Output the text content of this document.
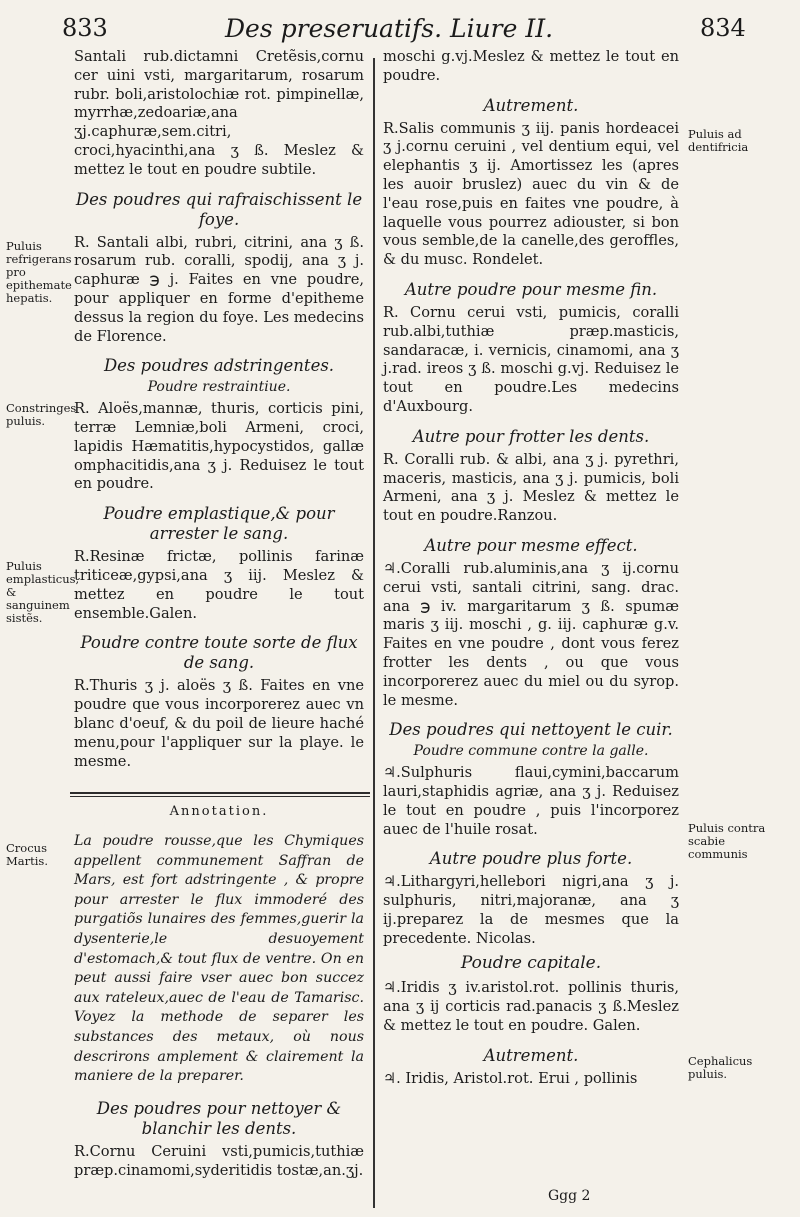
833	Des preseruatifs. Liure II.	834

Santali rub.dictamni Cretẽsis,cornu cer uini vsti, margaritarum, rosarum rubr. boli,aristolochiæ rot. pimpinellæ, myrrhæ,zedoariæ,ana ʒj.caphuræ,sem.citri, croci,hyacinthi,ana ʒ ß. Meslez & mettez le tout en poudre subtile.

Des poudres qui rafraischissent le foye.

R. Santali albi, rubri, citrini, ana ʒ ß. rosarum rub. coralli, spodij, ana ʒ j. caphuræ ℈ j. Faites en vne poudre, pour appliquer en forme d'epitheme dessus la region du foye. Les medecins de Florence.

Des poudres adstringentes.

Poudre restraintiue.

R. Aloës,mannæ, thuris, corticis pini, terræ Lemniæ,boli Armeni, croci, lapidis Hæmatitis,hypocystidos, gallæ omphacitidis,ana ʒ j. Reduisez le tout en poudre.

Poudre emplastique,& pour arrester le sang.

R.Resinæ frictæ, pollinis farinæ triticeæ,gypsi,ana ʒ iij. Meslez & mettez en poudre le tout ensemble.Galen.

Poudre contre toute sorte de flux de sang.

R.Thuris ʒ j. aloës ʒ ß. Faites en vne poudre que vous incorporerez auec vn blanc d'oeuf, & du poil de lieure haché menu,pour l'appliquer sur la playe. le mesme.

Annotation.

La poudre rousse,que les Chymiques appellent communement Saffran de Mars, est fort adstringente , & propre pour arrester le flux immoderé des purgatiõs lunaires des femmes,guerir la dysenterie,le desuoyement d'estomach,& tout flux de ventre. On en peut aussi faire vser auec bon succez aux rateleux,auec de l'eau de Tamarisc. Voyez la methode de separer les substances des metaux, où nous descrirons amplement & clairement la maniere de la preparer.

Des poudres pour nettoyer & blanchir les dents.

R.Cornu Ceruini vsti,pumicis,tuthiæ præp.cinamomi,syderitidis tostæ,an.ʒj.

moschi g.vj.Meslez & mettez le tout en poudre.

Autrement.

R.Salis communis ʒ iij. panis hordeacei ʒ j.cornu ceruini , vel dentium equi, vel elephantis ʒ ij. Amortissez les (apres les auoir bruslez) auec du vin & de l'eau rose,puis en faites vne poudre, à laquelle vous pourrez adiouster, si bon vous semble,de la canelle,des geroffles, & du musc. Rondelet.

Autre poudre pour mesme fin.

R. Cornu cerui vsti, pumicis, coralli rub.albi,tuthiæ præp.masticis, sandaracæ, i. vernicis, cinamomi, ana ʒ j.rad. ireos ʒ ß. moschi g.vj. Reduisez le tout en poudre.Les medecins d'Auxbourg.

Autre pour frotter les dents.

R. Coralli rub. & albi, ana ʒ j. pyrethri, maceris, masticis, ana ʒ j. pumicis, boli Armeni, ana ʒ j. Meslez & mettez le tout en poudre.Ranzou.

Autre pour mesme effect.

♃.Coralli rub.aluminis,ana ʒ ij.cornu cerui vsti, santali citrini, sang. drac. ana ℈ iv. margaritarum ʒ ß. spumæ maris ʒ iij. moschi , g. iij. caphuræ g.v. Faites en vne poudre , dont vous ferez frotter les dents , ou que vous incorporerez auec du miel ou du syrop. le mesme.

Des poudres qui nettoyent le cuir.

Poudre commune contre la galle.

♃.Sulphuris flaui,cymini,baccarum lauri,staphidis agriæ, ana ʒ j. Reduisez le tout en poudre , puis l'incorporez auec de l'huile rosat.

Autre poudre plus forte.

♃.Lithargyri,hellebori nigri,ana ʒ j. sulphuris, nitri,majoranæ, ana ʒ ij.preparez la de mesmes que la precedente. Nicolas.

Poudre capitale.

♃.Iridis ʒ iv.aristol.rot. pollinis thuris, ana ʒ ij corticis rad.panacis ʒ ß.Meslez & mettez le tout en poudre. Galen.

Autrement.

♃. Iridis, Aristol.rot. Erui , pollinis

Ggg 2
Puluis refrigerans pro epithemate hepatis.
Constringes puluis.
Puluis emplasticus, & sanguinem sistẽs.
Crocus Martis.
Puluis ad dentifricia
Puluis contra scabie communis
Cephalicus puluis.
